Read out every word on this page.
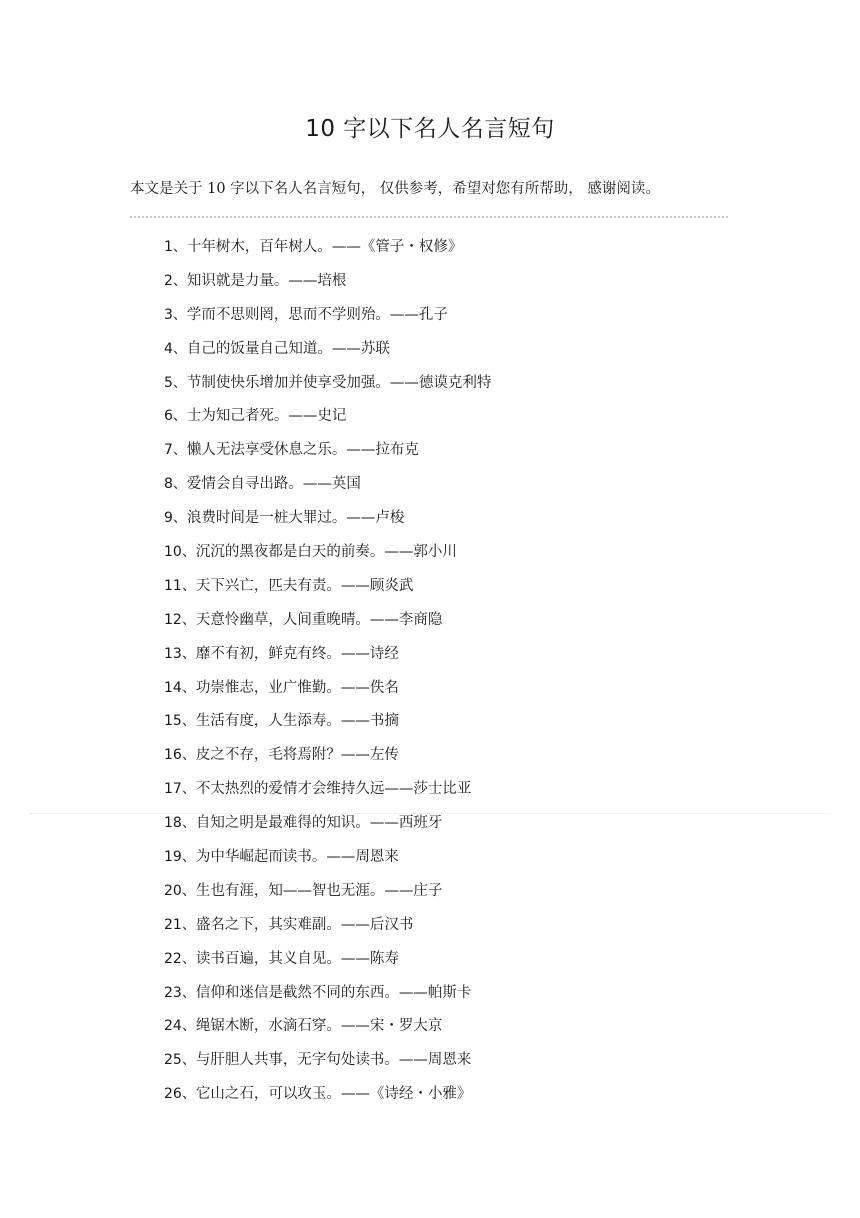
10 字以下名人名言短句

本文是关于 10 字以下名人名言短句， 仅供参考，希望对您有所帮助， 感谢阅读。

1、十年树木，百年树人。——《管子・权修》
2、知识就是力量。——培根
3、学而不思则罔，思而不学则殆。——孔子
4、自己的饭量自己知道。——苏联
5、节制使快乐增加并使享受加强。——德谟克利特
6、士为知己者死。——史记
7、懒人无法享受休息之乐。——拉布克
8、爱情会自寻出路。——英国
9、浪费时间是一桩大罪过。——卢梭
10、沉沉的黑夜都是白天的前奏。——郭小川
11、天下兴亡，匹夫有责。——顾炎武
12、天意怜幽草，人间重晚晴。——李商隐
13、靡不有初，鲜克有终。——诗经
14、功崇惟志，业广惟勤。——佚名
15、生活有度，人生添寿。——书摘
16、皮之不存，毛将焉附？——左传
17、不太热烈的爱情才会维持久远——莎士比亚
18、自知之明是最难得的知识。——西班牙
19、为中华崛起而读书。——周恩来
20、生也有涯，知——智也无涯。——庄子
21、盛名之下，其实难副。——后汉书
22、读书百遍，其义自见。——陈寿
23、信仰和迷信是截然不同的东西。——帕斯卡
24、绳锯木断，水滴石穿。——宋・罗大京
25、与肝胆人共事，无字句处读书。——周恩来
26、它山之石，可以攻玉。——《诗经・小雅》
